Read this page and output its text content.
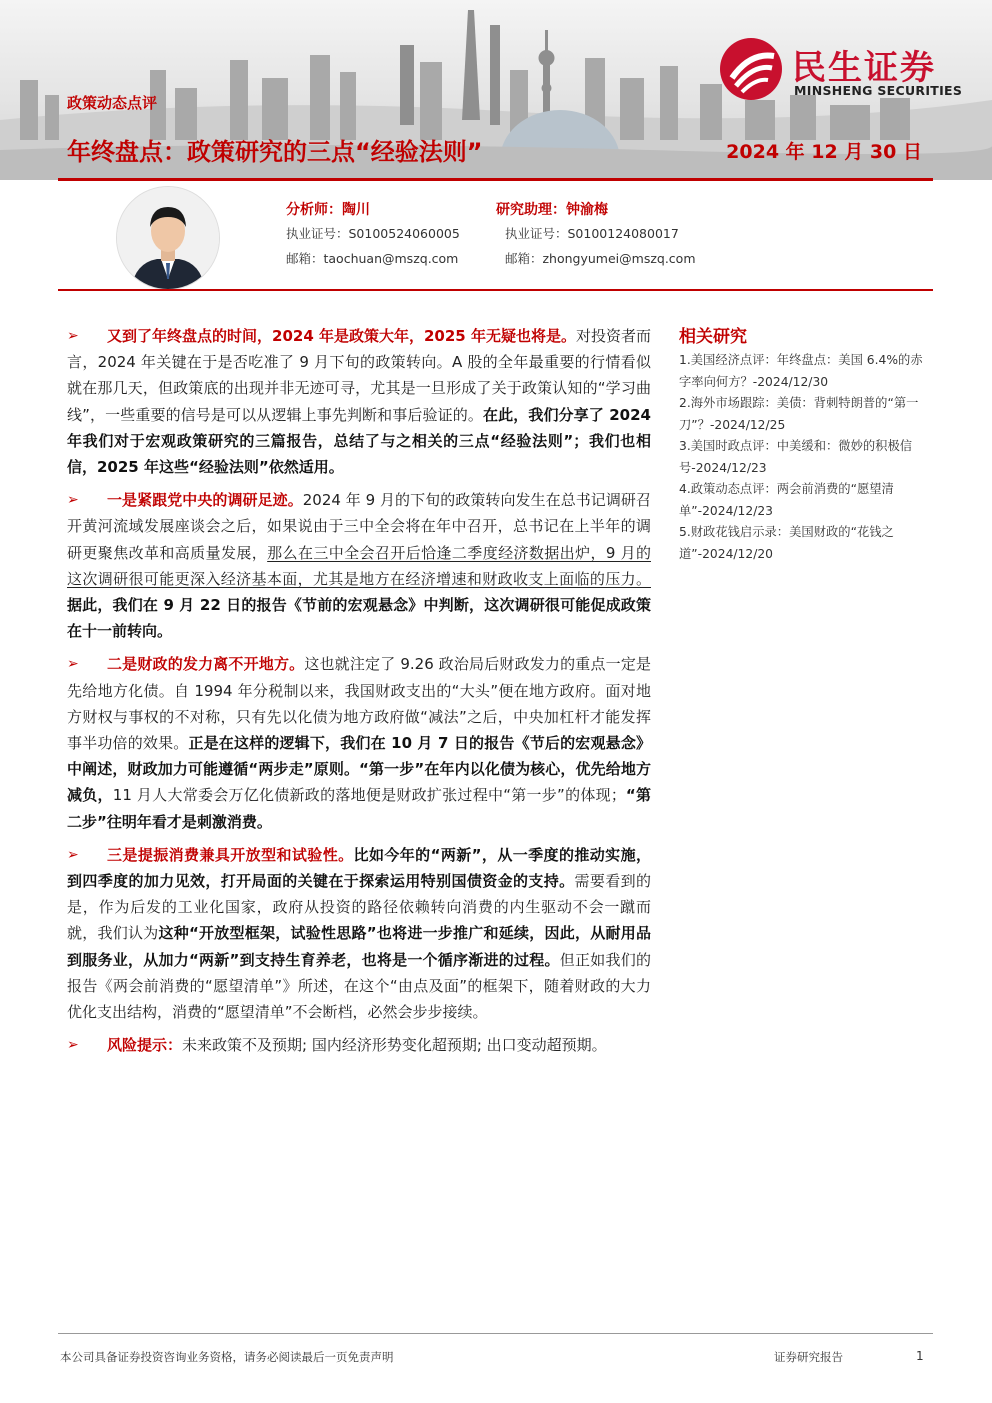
政策动态点评
年终盘点：政策研究的三点“经验法则”	2024 年 12 月 30 日
民生证券
MINSHENG SECURITIES
分析师：陶川
执业证号：S0100524060005
邮箱：taochuan@mszq.com
研究助理：钟渝梅
执业证号：S0100124080017
邮箱：zhongyumei@mszq.com
相关研究
1.美国经济点评：年终盘点：美国 6.4%的赤字率向何方？-2024/12/30
2.海外市场跟踪：美债：背刺特朗普的“第一刀”？-2024/12/25
3.美国时政点评：中美缓和：微妙的积极信号-2024/12/23
4.政策动态点评：两会前消费的“愿望清单”-2024/12/23
5.财政花钱启示录：美国财政的“花钱之道”-2024/12/20

➢ 又到了年终盘点的时间，2024 年是政策大年，2025 年无疑也将是。对投资者而言，2024 年关键在于是否吃准了 9 月下旬的政策转向。A 股的全年最重要的行情看似就在那几天，但政策底的出现并非无迹可寻，尤其是一旦形成了关于政策认知的“学习曲线”，一些重要的信号是可以从逻辑上事先判断和事后验证的。在此，我们分享了 2024 年我们对于宏观政策研究的三篇报告，总结了与之相关的三点“经验法则”；我们也相信，2025 年这些“经验法则”依然适用。

➢ 一是紧跟党中央的调研足迹。2024 年 9 月的下旬的政策转向发生在总书记调研召开黄河流域发展座谈会之后，如果说由于三中全会将在年中召开，总书记在上半年的调研更聚焦改革和高质量发展，那么在三中全会召开后恰逢二季度经济数据出炉，9 月的这次调研很可能更深入经济基本面，尤其是地方在经济增速和财政收支上面临的压力。据此，我们在 9 月 22 日的报告《节前的宏观悬念》中判断，这次调研很可能促成政策在十一前转向。

➢ 二是财政的发力离不开地方。这也就注定了 9.26 政治局后财政发力的重点一定是先给地方化债。自 1994 年分税制以来，我国财政支出的“大头”便在地方政府。面对地方财权与事权的不对称，只有先以化债为地方政府做“减法”之后，中央加杠杆才能发挥事半功倍的效果。正是在这样的逻辑下，我们在 10 月 7 日的报告《节后的宏观悬念》中阐述，财政加力可能遵循“两步走”原则。“第一步”在年内以化债为核心，优先给地方减负，11 月人大常委会万亿化债新政的落地便是财政扩张过程中“第一步”的体现；“第二步”往明年看才是刺激消费。

➢ 三是提振消费兼具开放型和试验性。比如今年的“两新”，从一季度的推动实施，到四季度的加力见效，打开局面的关键在于探索运用特别国债资金的支持。需要看到的是，作为后发的工业化国家，政府从投资的路径依赖转向消费的内生驱动不会一蹴而就，我们认为这种“开放型框架，试验性思路”也将进一步推广和延续，因此，从耐用品到服务业，从加力“两新”到支持生育养老，也将是一个循序渐进的过程。但正如我们的报告《两会前消费的“愿望清单”》所述，在这个“由点及面”的框架下，随着财政的大力优化支出结构，消费的“愿望清单”不会断档，必然会步步接续。

➢ 风险提示：未来政策不及预期; 国内经济形势变化超预期; 出口变动超预期。

本公司具备证券投资咨询业务资格，请务必阅读最后一页免责声明	证券研究报告	1
